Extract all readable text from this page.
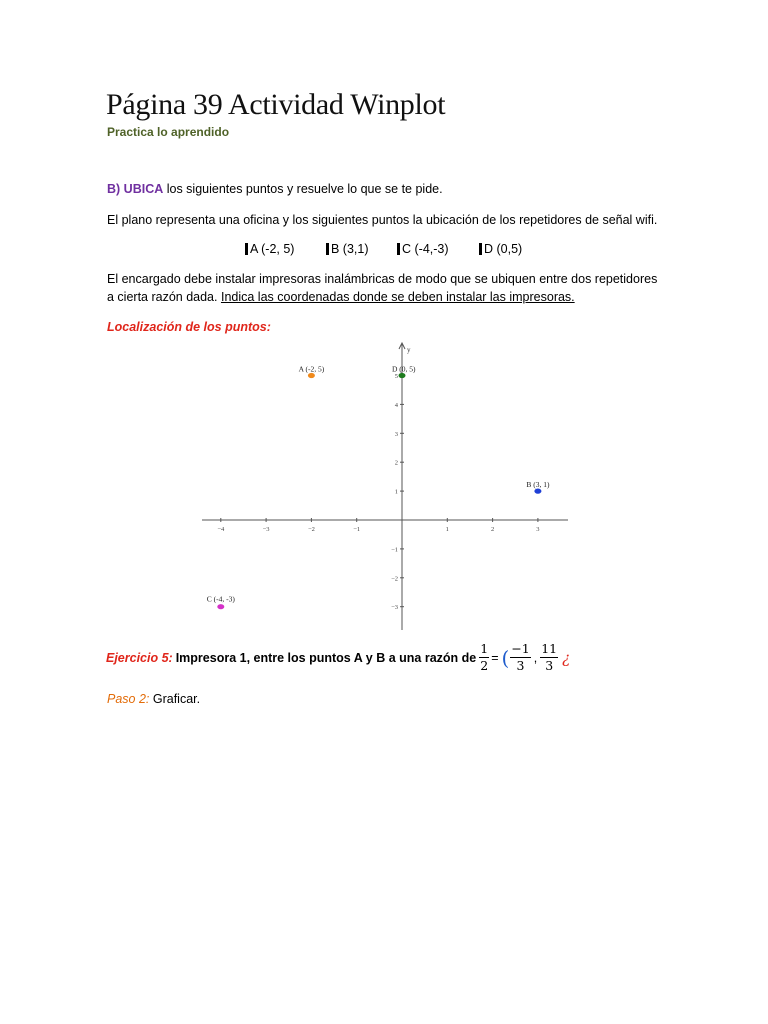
Página 39 Actividad Winplot
Practica lo aprendido
B) UBICA los siguientes puntos y resuelve lo que se te pide.
El plano representa una oficina y los siguientes puntos la ubicación de los repetidores de señal wifi.
A (-2, 5)	B (3,1)	C (-4,-3)	D (0,5)
El encargado debe instalar impresoras inalámbricas de modo que se ubiquen entre dos repetidores
a cierta razón dada. Indica las coordenadas donde se deben instalar las impresoras.
Localización de los puntos:
y
−4	−3	−2	−1	1	2	3
−3
−2
−1
1
2
3
4
5
A (-2, 5)	D (0, 5)
B (3, 1)
C (-4, -3)
Ejercicio 5: Impresora 1, entre los puntos A y B a una razón de $\frac{1}{2}$ = ( $\frac{-1}{3}$ , $\frac{11}{3}$ ¿
Paso 2: Graficar.
